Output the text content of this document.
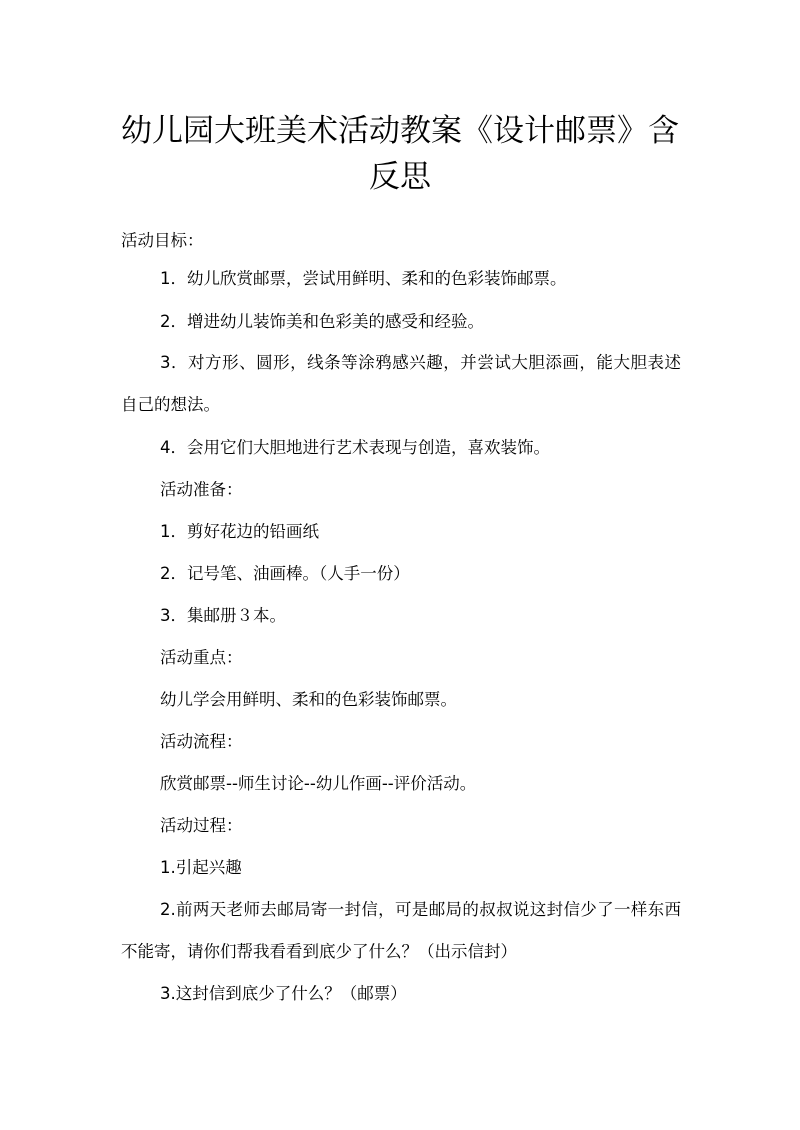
幼儿园大班美术活动教案《设计邮票》含反思

活动目标：

1．幼儿欣赏邮票，尝试用鲜明、柔和的色彩装饰邮票。

2．增进幼儿装饰美和色彩美的感受和经验。

3．对方形、圆形，线条等涂鸦感兴趣，并尝试大胆添画，能大胆表述自己的想法。

4．会用它们大胆地进行艺术表现与创造，喜欢装饰。

活动准备：

1．剪好花边的铅画纸

2．记号笔、油画棒。（人手一份）

3．集邮册３本。

活动重点：

幼儿学会用鲜明、柔和的色彩装饰邮票。

活动流程：

欣赏邮票--师生讨论--幼儿作画--评价活动。

活动过程：

1.引起兴趣

2.前两天老师去邮局寄一封信，可是邮局的叔叔说这封信少了一样东西不能寄，请你们帮我看看到底少了什么？（出示信封）

3.这封信到底少了什么？（邮票）
